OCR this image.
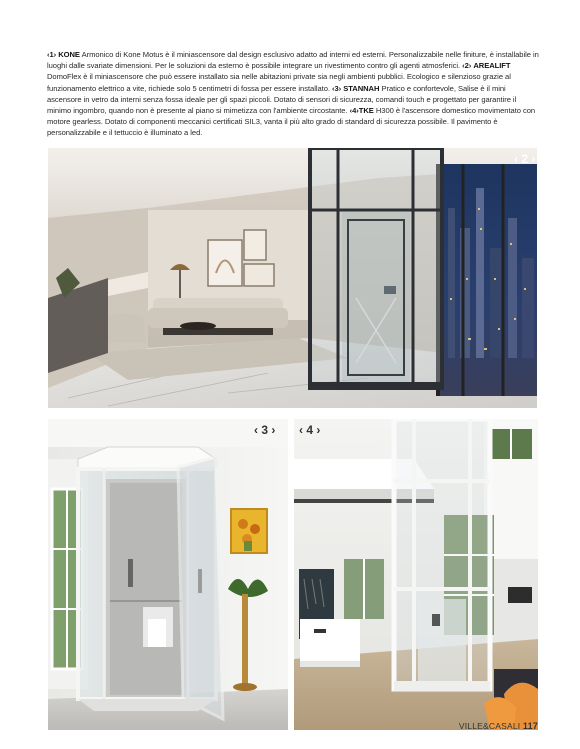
‹1› KONE Armonico di Kone Motus è il miniascensore dal design esclusivo adatto ad interni ed esterni. Personalizzabile nelle finiture, è installabile in luoghi dalle svariate dimensioni. Per le soluzioni da esterno è possibile integrare un rivestimento contro gli agenti atmosferici. ‹2› AREALIFT DomoFlex è il miniascensore che può essere installato sia nelle abitazioni private sia negli ambienti pubblici. Ecologico e silenzioso grazie al funzionamento elettrico a vite, richiede solo 5 centimetri di fossa per essere installato. ‹3› STANNAH Pratico e confortevole, Salise è il mini ascensore in vetro da interni senza fossa ideale per gli spazi piccoli. Dotato di sensori di sicurezza, comandi touch e progettato per garantire il minimo ingombro, quando non è presente al piano si mimetizza con l'ambiente circostante. ‹4›TKE H300 è l'ascensore domestico movimentato con motore gearless. Dotato di componenti meccanici certificati SIL3, vanta il più alto grado di standard di sicurezza possibile. Il pavimento è personalizzabile e il tettuccio è illuminato a led.

‹ 2 ›
‹ 3 › ‹ 4 ›
VILLE&CASALI 117
